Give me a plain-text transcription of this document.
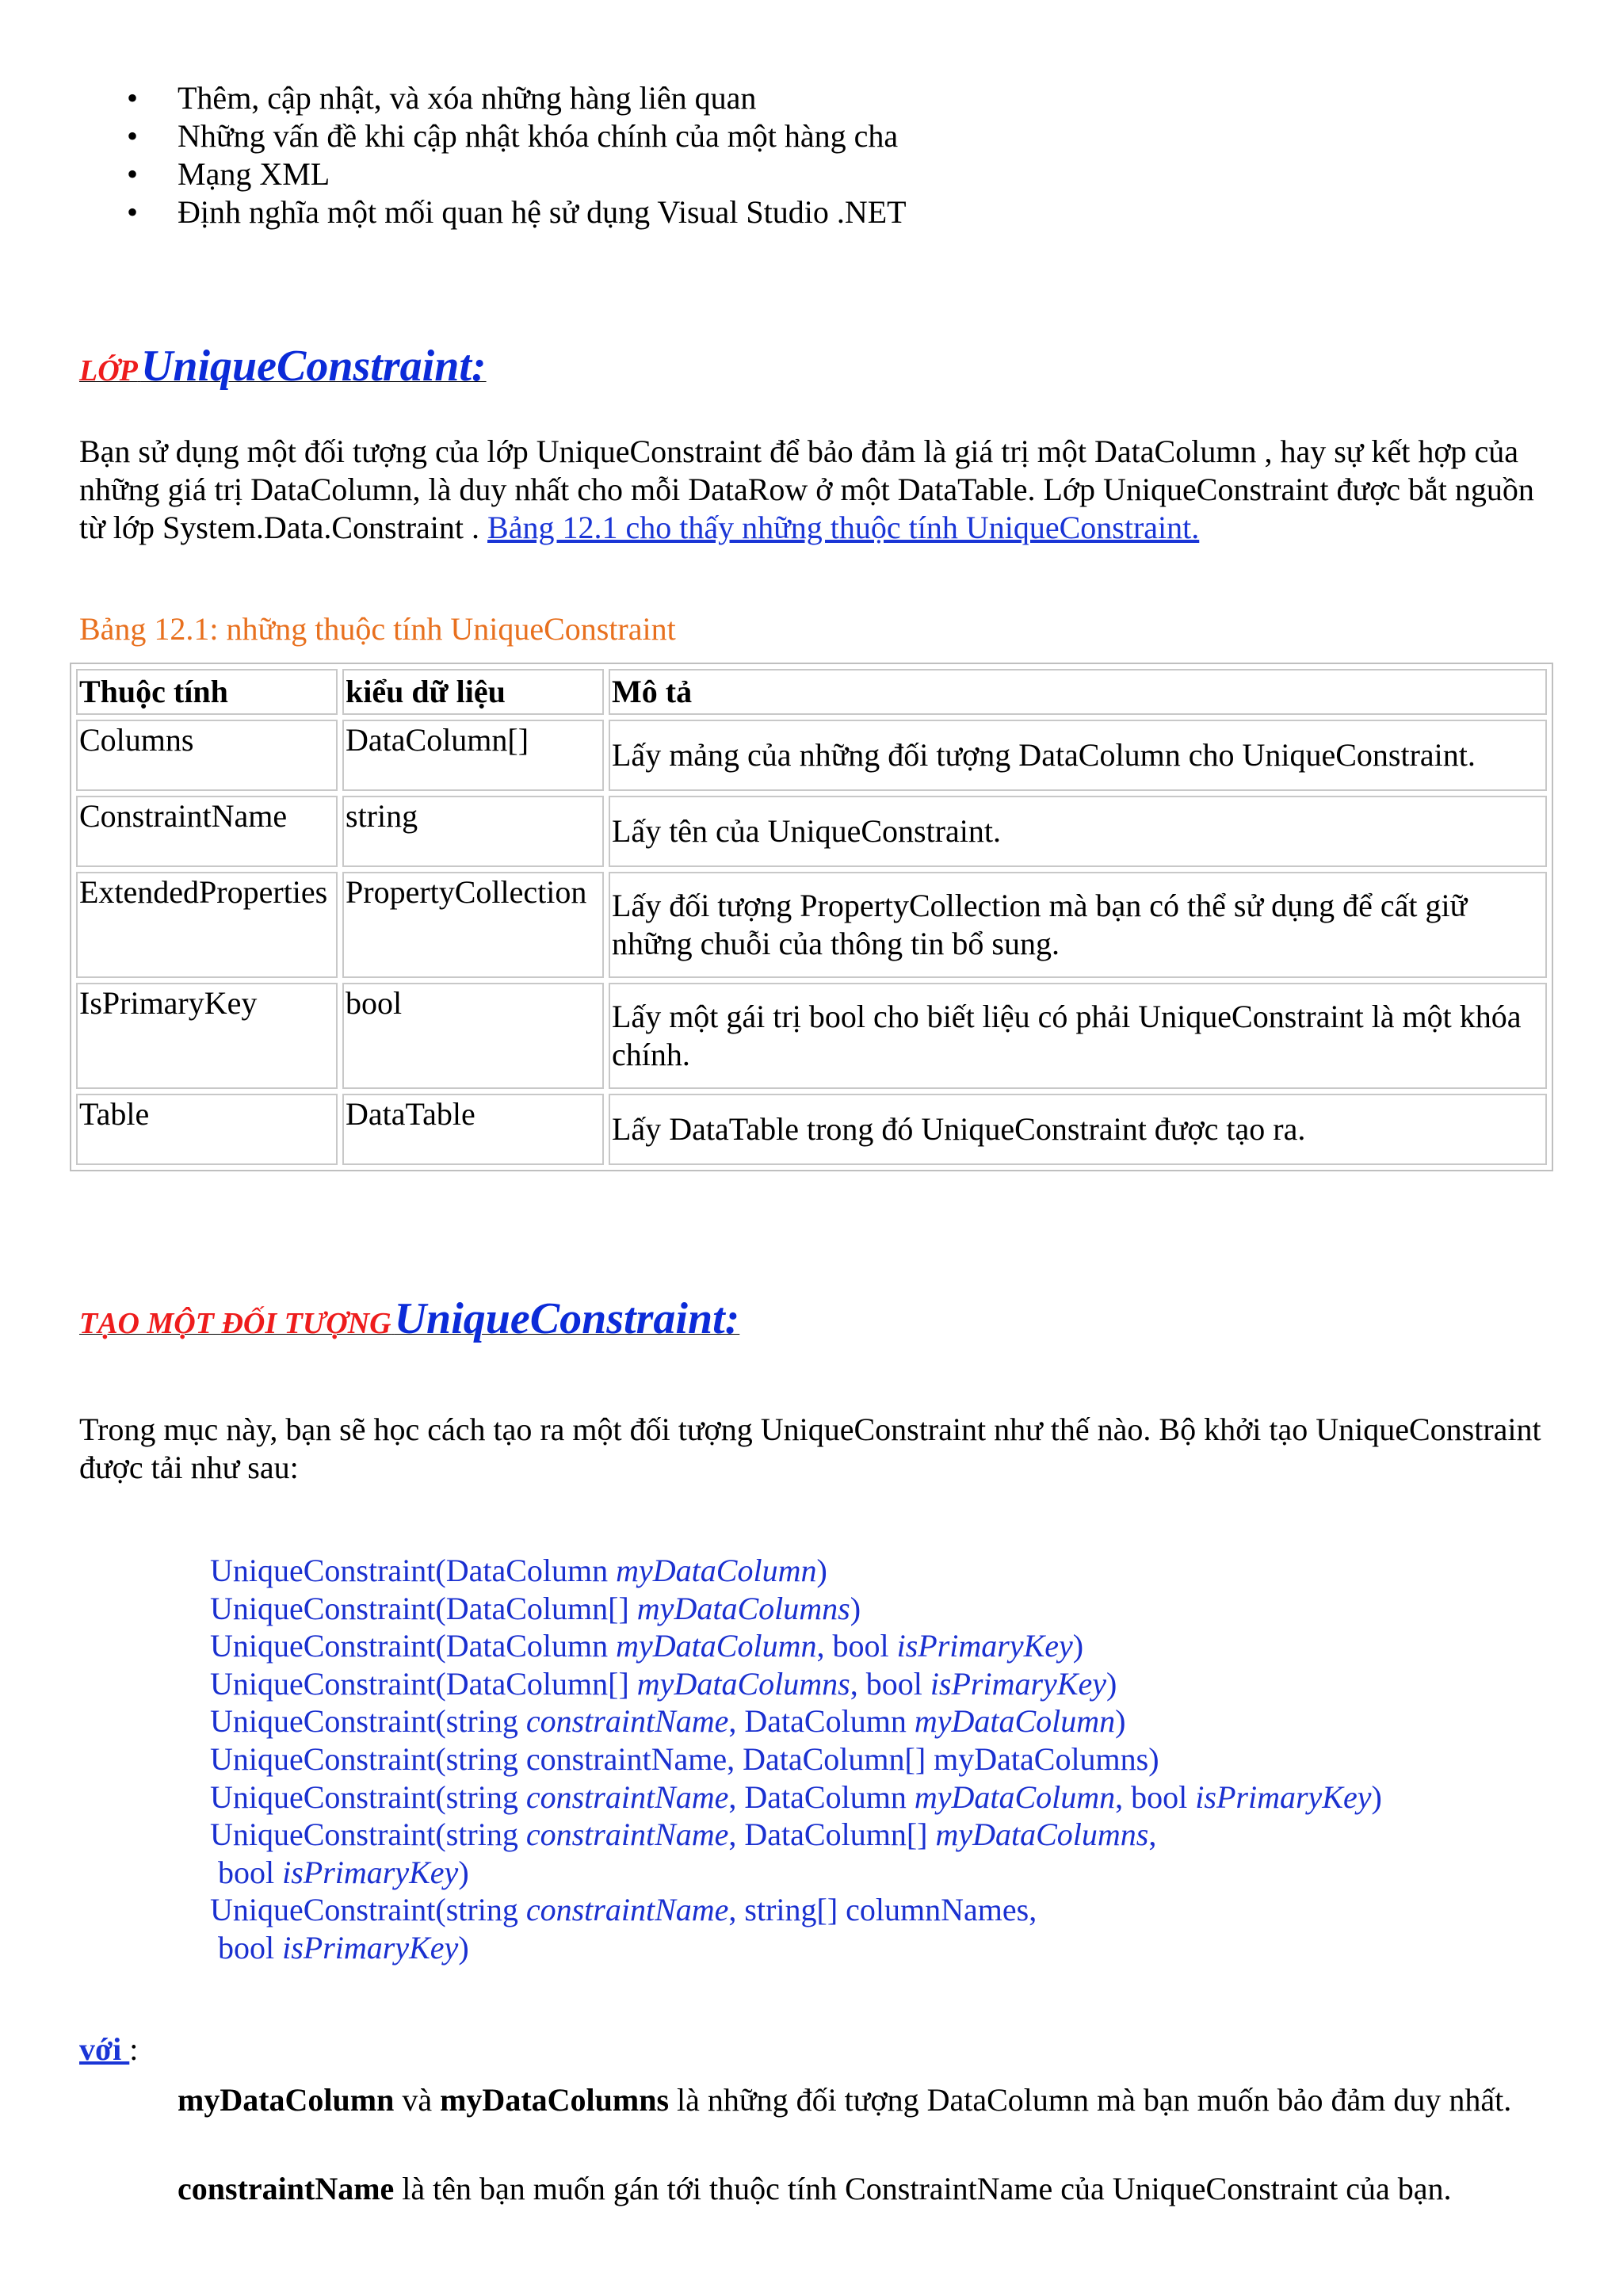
• Thêm, cập nhật, và xóa những hàng liên quan
• Những vấn đề khi cập nhật khóa chính của một hàng cha
• Mạng XML
• Định nghĩa một mối quan hệ sử dụng Visual Studio .NET
LỚP UniqueConstraint:

Bạn sử dụng một đối tượng của lớp UniqueConstraint để bảo đảm là giá trị một DataColumn , hay sự kết hợp của những giá trị DataColumn, là duy nhất cho mỗi DataRow ở một DataTable. Lớp UniqueConstraint được bắt nguồn từ lớp System.Data.Constraint . Bảng 12.1 cho thấy những thuộc tính UniqueConstraint.

Bảng 12.1: những thuộc tính UniqueConstraint
Thuộc tính	kiểu dữ liệu	Mô tả
Columns	DataColumn[]	Lấy mảng của những đối tượng DataColumn cho UniqueConstraint.
ConstraintName	string	Lấy tên của UniqueConstraint.
ExtendedProperties	PropertyCollection	Lấy đối tượng PropertyCollection mà bạn có thể sử dụng để cất giữ những chuỗi của thông tin bổ sung.
IsPrimaryKey	bool	Lấy một gái trị bool cho biết liệu có phải UniqueConstraint là một khóa chính.
Table	DataTable	Lấy DataTable trong đó UniqueConstraint được tạo ra.
TẠO MỘT ĐỐI TƯỢNG UniqueConstraint:

Trong mục này, bạn sẽ học cách tạo ra một đối tượng UniqueConstraint như thế nào. Bộ khởi tạo UniqueConstraint được tải như sau:

UniqueConstraint(DataColumn myDataColumn)
UniqueConstraint(DataColumn[] myDataColumns)
UniqueConstraint(DataColumn myDataColumn, bool isPrimaryKey)
UniqueConstraint(DataColumn[] myDataColumns, bool isPrimaryKey)
UniqueConstraint(string constraintName, DataColumn myDataColumn)
UniqueConstraint(string constraintName, DataColumn[] myDataColumns)
UniqueConstraint(string constraintName, DataColumn myDataColumn, bool isPrimaryKey)
UniqueConstraint(string constraintName, DataColumn[] myDataColumns,
bool isPrimaryKey)
UniqueConstraint(string constraintName, string[] columnNames,
bool isPrimaryKey)
với :

myDataColumn và myDataColumns là những đối tượng DataColumn mà bạn muốn bảo đảm duy nhất.

constraintName là tên bạn muốn gán tới thuộc tính ConstraintName của UniqueConstraint của bạn.
